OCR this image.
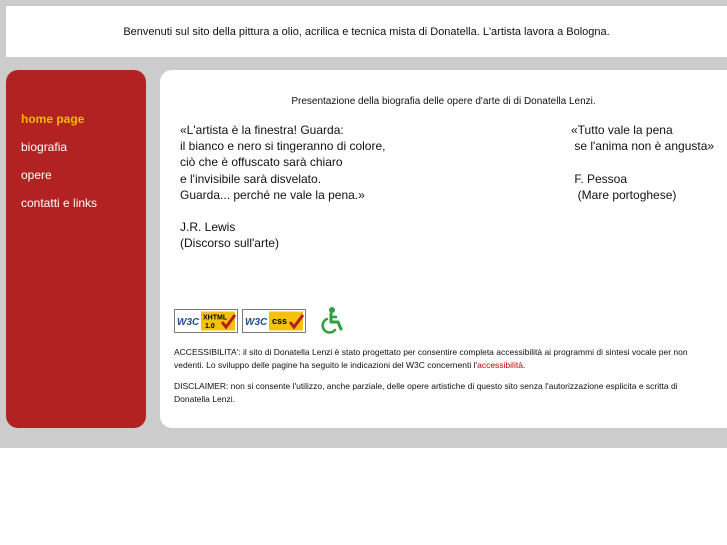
Benvenuti sul sito della pittura a olio, acrilica e tecnica mista di Donatella. L'artista lavora a Bologna.
home page
biografia
opere
contatti e links
Presentazione della biografia delle opere d'arte di di Donatella Lenzi.
«L'artista è la finestra! Guarda:
il bianco e nero si tingeranno di colore,
ciò che è offuscato sarà chiaro
e l'invisibile sarà disvelato.
Guarda... perché ne vale la pena.»
J.R. Lewis
(Discorso sull'arte)
«Tutto vale la pena
se l'anima non è angusta»
F. Pessoa
(Mare portoghese)
W3C XHTML
1.0	W3C css

ACCESSIBILITA': il sito di Donatella Lenzi è stato progettato per consentire completa accessibilità ai programmi di sintesi vocale per non vedenti. Lo sviluppo delle pagine ha seguito le indicazioni del W3C concernenti l'accessibilità.

DISCLAIMER: non si consente l'utilizzo, anche parziale, delle opere artistiche di questo sito senza l'autorizzazione esplicita e scritta di Donatella Lenzi.
